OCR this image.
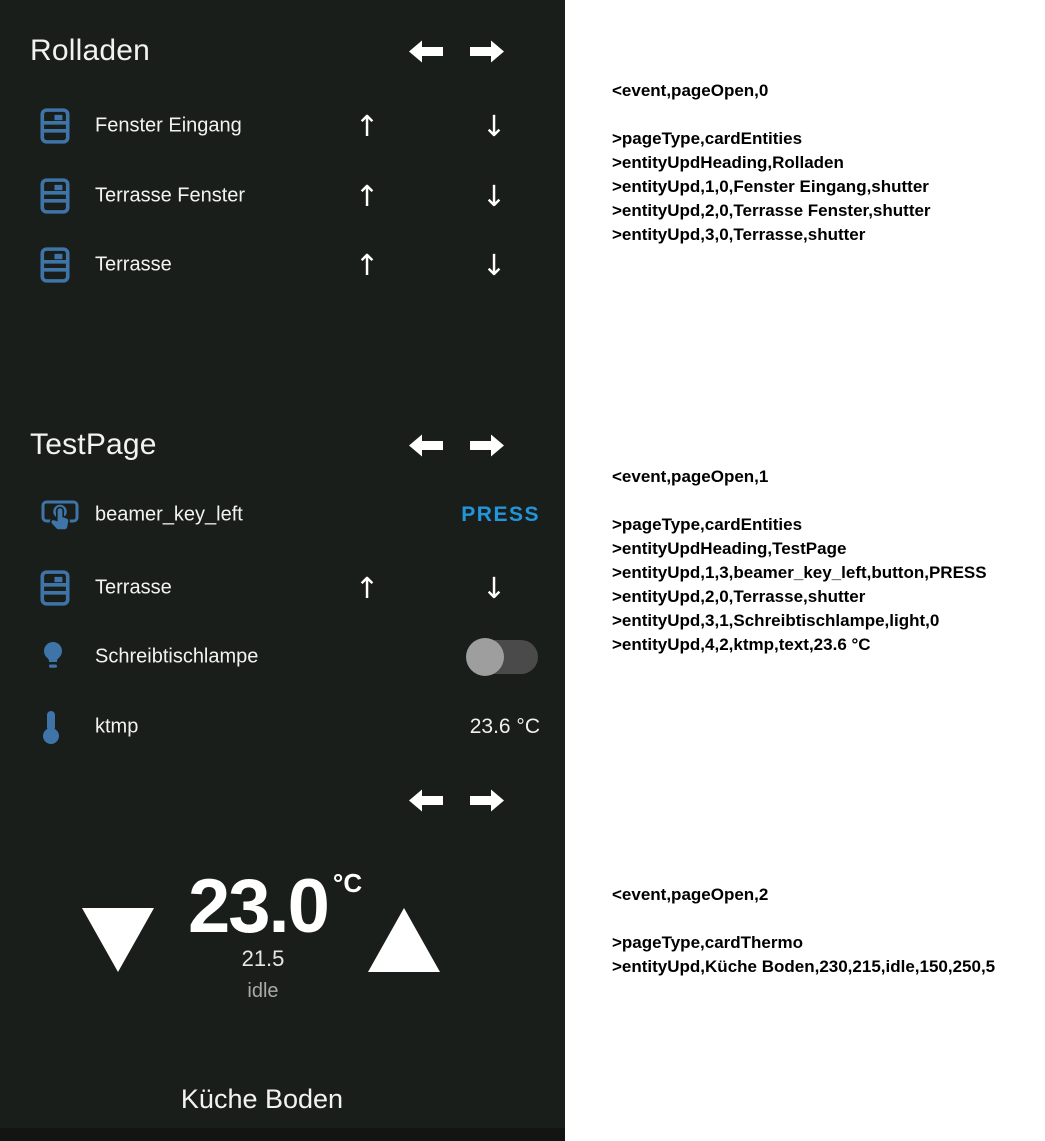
Rolladen
Fenster Eingang	↑	↓
Terrasse Fenster	↑	↓
Terrasse	↑	↓
TestPage
beamer_key_left	PRESS
Terrasse	↑	↓
Schreibtischlampe
ktmp	23.6 °C
23.0 $^{^\circ C}$
21.5
idle
Küche Boden
<event,pageOpen,0
>pageType,cardEntities
>entityUpdHeading,Rolladen
>entityUpd,1,0,Fenster Eingang,shutter
>entityUpd,2,0,Terrasse Fenster,shutter
>entityUpd,3,0,Terrasse,shutter
<event,pageOpen,1
>pageType,cardEntities
>entityUpdHeading,TestPage
>entityUpd,1,3,beamer_key_left,button,PRESS
>entityUpd,2,0,Terrasse,shutter
>entityUpd,3,1,Schreibtischlampe,light,0
>entityUpd,4,2,ktmp,text,23.6 °C
<event,pageOpen,2
>pageType,cardThermo
>entityUpd,Küche Boden,230,215,idle,150,250,5
